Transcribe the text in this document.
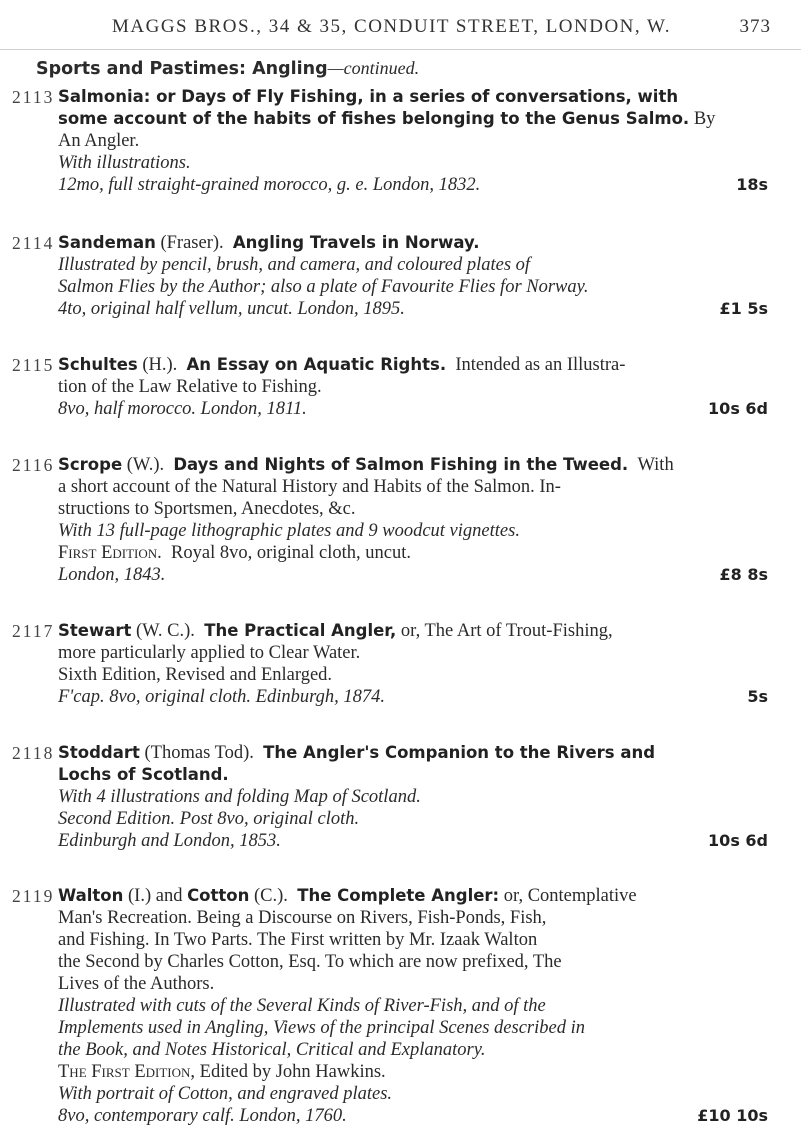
MAGGS BROS., 34 & 35, CONDUIT STREET, LONDON, W.	373
Sports and Pastimes: Angling—continued.
2113 Salmonia: or Days of Fly Fishing, in a series of conversations, with
some account of the habits of fishes belonging to the Genus Salmo. By
An Angler.
With illustrations.
12mo, full straight-grained morocco, g. e. London, 1832.	18s
2114 Sandeman (Fraser). Angling Travels in Norway.
Illustrated by pencil, brush, and camera, and coloured plates of
Salmon Flies by the Author; also a plate of Favourite Flies for Norway.
4to, original half vellum, uncut. London, 1895.	£1 5s
2115 Schultes (H.). An Essay on Aquatic Rights. Intended as an Illustra-
tion of the Law Relative to Fishing.
8vo, half morocco. London, 1811.	10s 6d
2116 Scrope (W.). Days and Nights of Salmon Fishing in the Tweed. With
a short account of the Natural History and Habits of the Salmon. In-
structions to Sportsmen, Anecdotes, &c.
With 13 full-page lithographic plates and 9 woodcut vignettes.
First Edition. Royal 8vo, original cloth, uncut.
London, 1843.	£8 8s
2117 Stewart (W. C.). The Practical Angler, or, The Art of Trout-Fishing,
more particularly applied to Clear Water.
Sixth Edition, Revised and Enlarged.
F'cap. 8vo, original cloth. Edinburgh, 1874.	5s
2118 Stoddart (Thomas Tod). The Angler's Companion to the Rivers and
Lochs of Scotland.
With 4 illustrations and folding Map of Scotland.
Second Edition. Post 8vo, original cloth.
Edinburgh and London, 1853.	10s 6d
2119 Walton (I.) and Cotton (C.). The Complete Angler: or, Contemplative
Man's Recreation. Being a Discourse on Rivers, Fish-Ponds, Fish,
and Fishing. In Two Parts. The First written by Mr. Izaak Walton
the Second by Charles Cotton, Esq. To which are now prefixed, The
Lives of the Authors.
Illustrated with cuts of the Several Kinds of River-Fish, and of the
Implements used in Angling, Views of the principal Scenes described in
the Book, and Notes Historical, Critical and Explanatory.
The First Edition, Edited by John Hawkins.
With portrait of Cotton, and engraved plates.
8vo, contemporary calf. London, 1760.	£10 10s
